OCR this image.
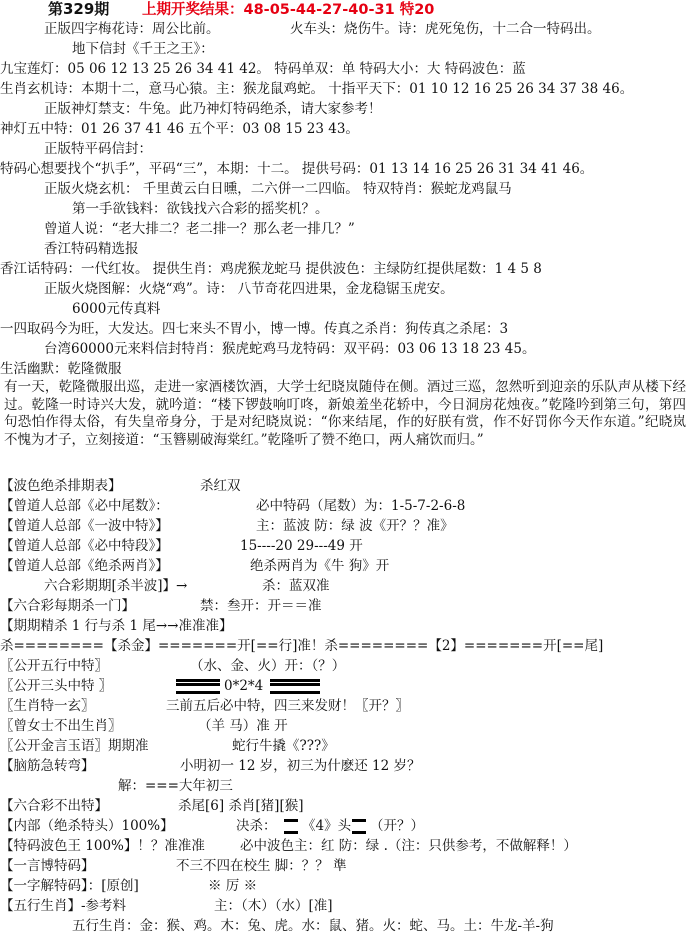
第329期 上期开奖结果：48-05-44-27-40-31 特20
正版四字梅花诗：周公比前。	火车头：烧伤牛。诗：虎死兔伤，十二合一特码出。
地下信封《千王之王》：
九宝莲灯：05 06 12 13 25 26 34 41 42。 特码单双：单 特码大小：大 特码波色：蓝
生肖玄机诗：本期十二，意马心猿。主：猴龙鼠鸡蛇。 十指平天下：01 10 12 16 25 26 34 37 38 46。
正版神灯禁支：牛兔。此乃神灯特码绝杀，请大家参考！
神灯五中特：01 26 37 41 46 五个平：03 08 15 23 43。
正版特平码信封：
特码心想要找个“扒手”，平码“三”，本期：十二。 提供号码：01 13 14 16 25 26 31 34 41 46。
正版火烧玄机： 千里黄云白日曛，二六併一二四临。 特双特肖：猴蛇龙鸡鼠马
第一手欲钱料：欲钱找六合彩的摇奖机？。
曾道人说：“老大排二？老二排一？那么老一排几？”
香江特码精选报
香江话特码：一代红妆。 提供生肖：鸡虎猴龙蛇马 提供波色：主绿防红提供尾数：1 4 5 8
正版火烧图解：火烧“鸡”。诗： 八节奇花四进果，金龙稳锯玉虎安。
6000元传真料
一四取码今为旺，大发达。四七来头不胃小，博一博。传真之杀肖：狗传真之杀尾：3
台湾60000元来料信封特肖：猴虎蛇鸡马龙特码：双平码：03 06 13 18 23 45。
生活幽默：乾隆微服
有一天，乾隆微服出巡，走进一家酒楼饮酒，大学士纪晓岚随侍在侧。酒过三巡，忽然听到迎亲的乐队声从楼下经过。乾隆一时诗兴大发，就吟道：“楼下锣鼓响叮咚，新娘羞坐花轿中，今日洞房花烛夜。”乾隆吟到第三句，第四句恐怕作得太俗，有失皇帝身分，于是对纪晓岚说：“你来结尾，作的好朕有赏，作不好罚你今天作东道。”纪晓岚不愧为才子，立刻接道：“玉簪剔破海棠红。”乾隆听了赞不绝口，两人痛饮而归。”
【波色绝杀排期表】	杀红双
【曾道人总部《必中尾数》：	必中特码（尾数）为：1-5-7-2-6-8
【曾道人总部《一波中特》】	主：蓝波 防：绿 波《开？？准》
【曾道人总部《必中特段》】	15----20 29---49 开
【曾道人总部《绝杀两肖》】	绝杀两肖为《牛 狗》开
六合彩期期[杀半波]】→	杀：蓝双准
【六合彩每期杀一门】	禁：叁开：开＝＝准
【期期精杀 1 行与杀 1 尾→→准准准】
杀========【杀金】=======开[==行]准！杀========【2】=======开[==尾]
〖公开五行中特〗	（水、金、火）开：（？）
〖公开三头中特 〗	0*2*4
〖生肖特一玄〗	三前五后必中特，四三来发财！〖开？〗
〖曾女士不出生肖〗	（羊 马）准 开
〖公开金言玉语〗期期准	蛇行牛撬《???》
【脑筋急转弯】	小明初一 12 岁，初三为什麽还 12 岁？
解：===大年初三
【六合彩不出特】	杀尾[6] 杀肖[猪][猴]
【内部（绝杀特头）100%】	决杀： 《4》头 （开？）
【特码波色王 100%】！？准准准	必中波色主：红 防：绿 .（注：只供参考，不做解释！）
【一言博特码】	不三不四在校生 脚：？？ 準
【一字解特码】：[原创]	※ 厉 ※
【五行生肖】-参考料	主：（木）（水）[准]
五行生肖：金：猴、鸡。木：兔、虎。水：鼠、猪。火：蛇、马。土：牛龙-羊-狗
